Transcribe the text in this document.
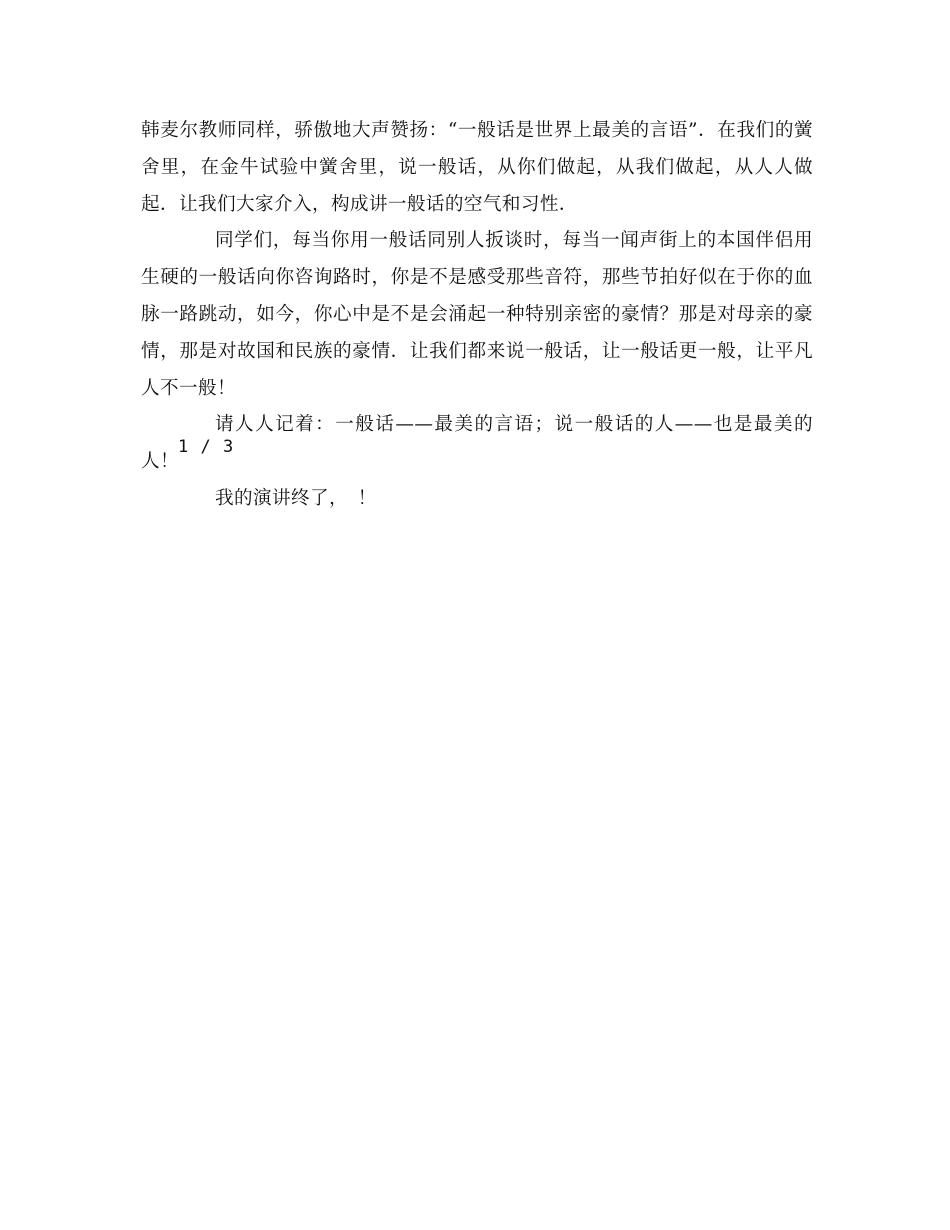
韩麦尔教师同样，骄傲地大声赞扬：“一般话是世界上最美的言语”．在我们的黉舍里，在金牛试验中黉舍里，说一般话，从你们做起，从我们做起，从人人做起．让我们大家介入，构成讲一般话的空气和习性．

同学们，每当你用一般话同别人扳谈时，每当一闻声街上的本国伴侣用生硬的一般话向你咨询路时，你是不是感受那些音符，那些节拍好似在于你的血脉一路跳动，如今，你心中是不是会涌起一种特别亲密的豪情？那是对母亲的豪情，那是对故国和民族的豪情．让我们都来说一般话，让一般话更一般，让平凡人不一般！

请人人记着：一般话——最美的言语；说一般话的人——也是最美的人！

我的演讲终了，　！

1 / 3
